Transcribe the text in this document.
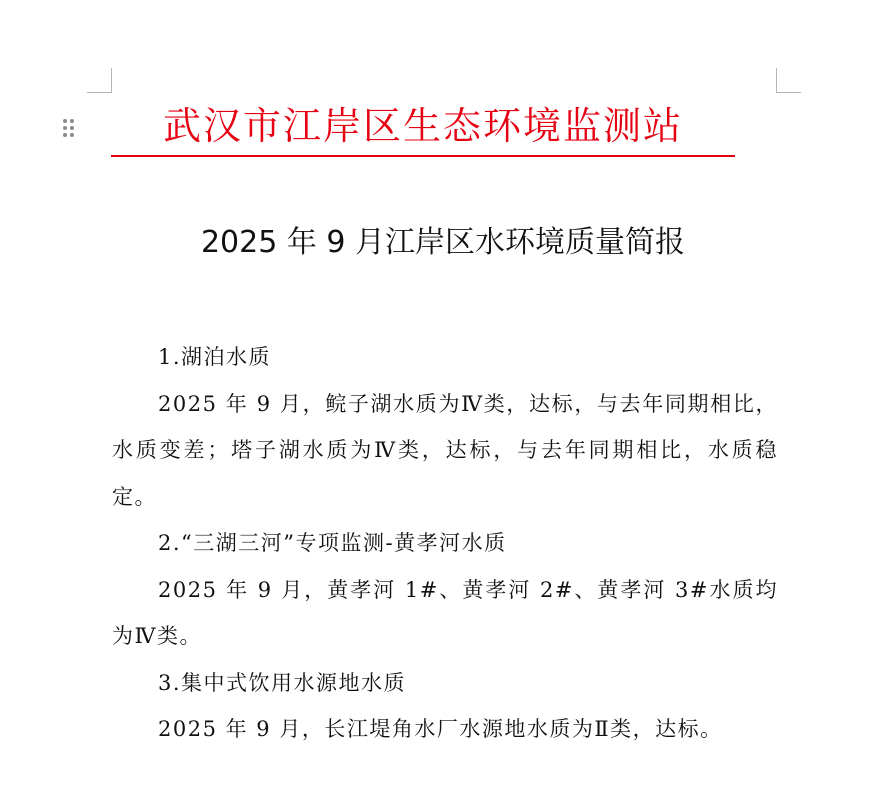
武汉市江岸区生态环境监测站
2025 年 9 月江岸区水环境质量简报

1.湖泊水质

2025 年 9 月，鲩子湖水质为Ⅳ类，达标，与去年同期相比，水质变差；塔子湖水质为Ⅳ类，达标，与去年同期相比，水质稳定。

2.“三湖三河”专项监测-黄孝河水质

2025 年 9 月，黄孝河 1#、黄孝河 2#、黄孝河 3#水质均为Ⅳ类。

3.集中式饮用水源地水质

2025 年 9 月，长江堤角水厂水源地水质为Ⅱ类，达标。
